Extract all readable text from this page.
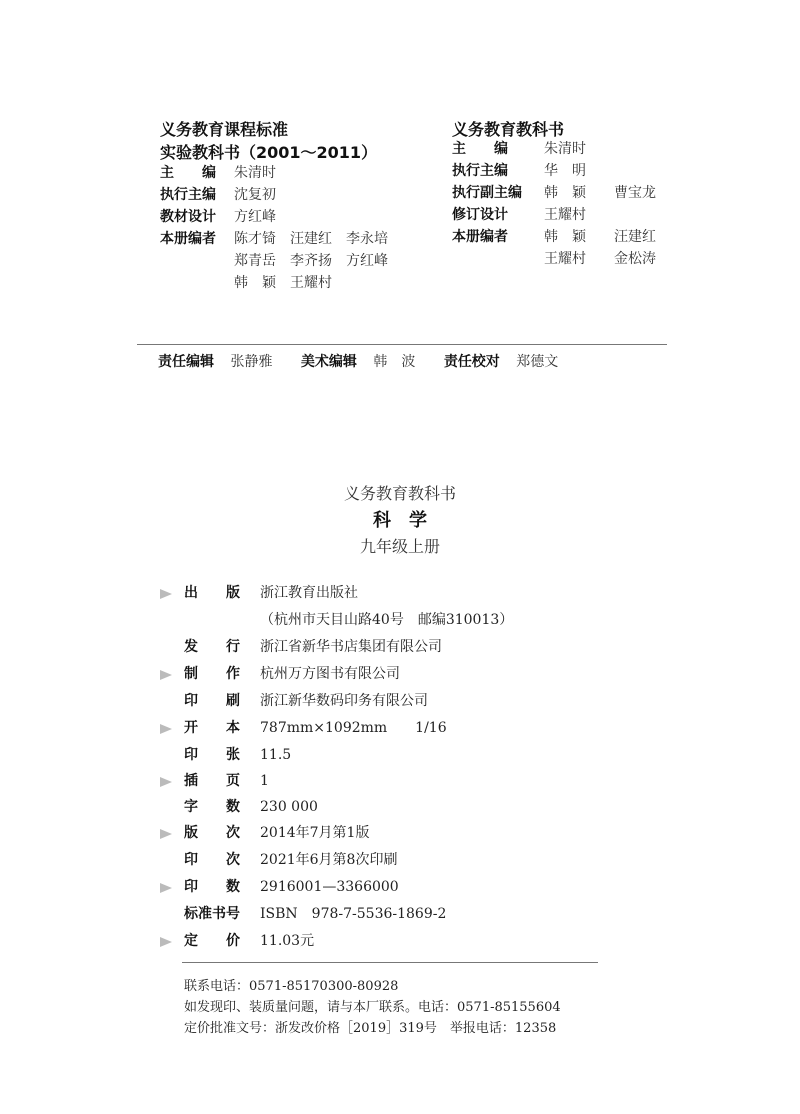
义务教育课程标准
实验教科书（2001～2011）
主　　编 朱清时
执行主编 沈复初
教材设计 方红峰
本册编者 陈才锜　汪建红　李永培
郑青岳　李齐扬　方红峰
韩　颖　王耀村
义务教育教科书
主　　编	朱清时
执行主编	华　明
执行副主编 韩　颖　　曹宝龙
修订设计	王耀村
本册编者	韩　颖　　汪建红
王耀村　　金松涛
责任编辑 张静雅 美术编辑 韩　波 责任校对 郑德文
义务教育教科书
科　学
九年级上册
出　　版	浙江教育出版社
（杭州市天目山路40号　邮编310013）
发　　行	浙江省新华书店集团有限公司
制　　作	杭州万方图书有限公司
印　　刷	浙江新华数码印务有限公司
开　　本	787mm×1092mm　　1/16
印　　张	11.5
插　　页	1
字　　数	230 000
版　　次	2014年7月第1版
印　　次	2021年6月第8次印刷
印　　数	2916001—3366000
标准书号	ISBN　978-7-5536-1869-2
定　　价	11.03元
联系电话：0571-85170300-80928
如发现印、装质量问题，请与本厂联系。电话：0571-85155604
定价批准文号：浙发改价格［2019］319号　举报电话：12358
